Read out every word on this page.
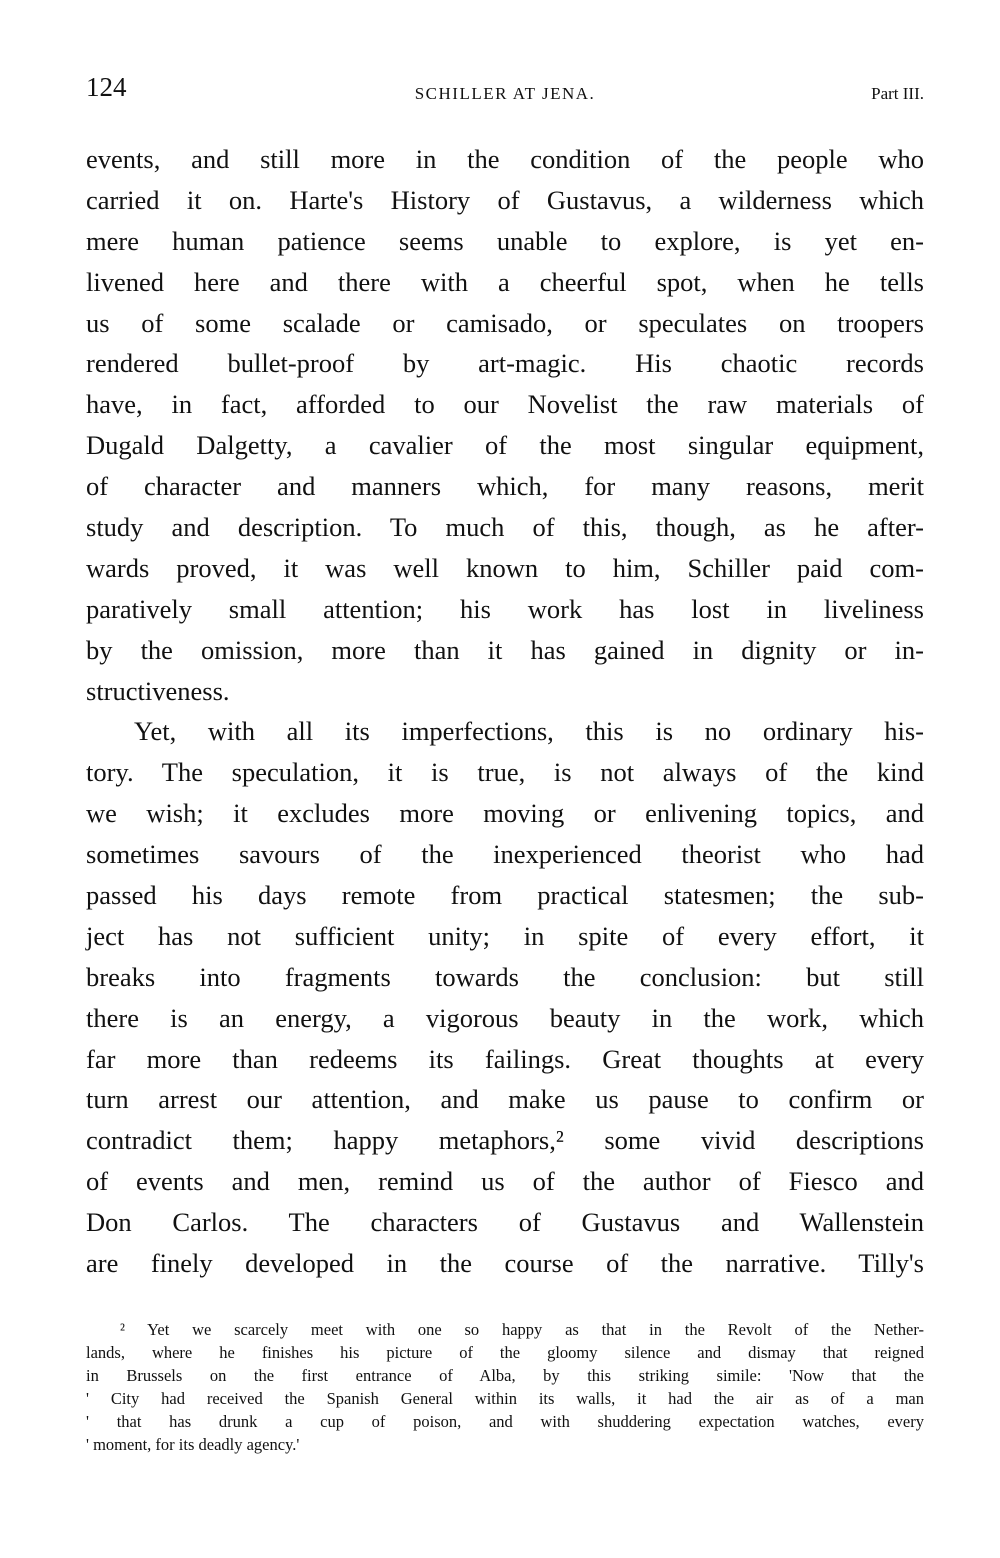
124	SCHILLER AT JENA.	Part III.
events, and still more in the condition of the people who
carried it on. Harte's History of Gustavus, a wilderness which
mere human patience seems unable to explore, is yet en-
livened here and there with a cheerful spot, when he tells
us of some scalade or camisado, or speculates on troopers
rendered bullet-proof by art-magic. His chaotic records
have, in fact, afforded to our Novelist the raw materials of
Dugald Dalgetty, a cavalier of the most singular equipment,
of character and manners which, for many reasons, merit
study and description. To much of this, though, as he after-
wards proved, it was well known to him, Schiller paid com-
paratively small attention; his work has lost in liveliness
by the omission, more than it has gained in dignity or in-
structiveness.
Yet, with all its imperfections, this is no ordinary his-
tory. The speculation, it is true, is not always of the kind
we wish; it excludes more moving or enlivening topics, and
sometimes savours of the inexperienced theorist who had
passed his days remote from practical statesmen; the sub-
ject has not sufficient unity; in spite of every effort, it
breaks into fragments towards the conclusion: but still
there is an energy, a vigorous beauty in the work, which
far more than redeems its failings. Great thoughts at every
turn arrest our attention, and make us pause to confirm or
contradict them; happy metaphors,² some vivid descriptions
of events and men, remind us of the author of Fiesco and
Don Carlos. The characters of Gustavus and Wallenstein
are finely developed in the course of the narrative. Tilly's
² Yet we scarcely meet with one so happy as that in the Revolt of the Nether-
lands, where he finishes his picture of the gloomy silence and dismay that reigned
in Brussels on the first entrance of Alba, by this striking simile: 'Now that the
' City had received the Spanish General within its walls, it had the air as of a man
' that has drunk a cup of poison, and with shuddering expectation watches, every
' moment, for its deadly agency.'
